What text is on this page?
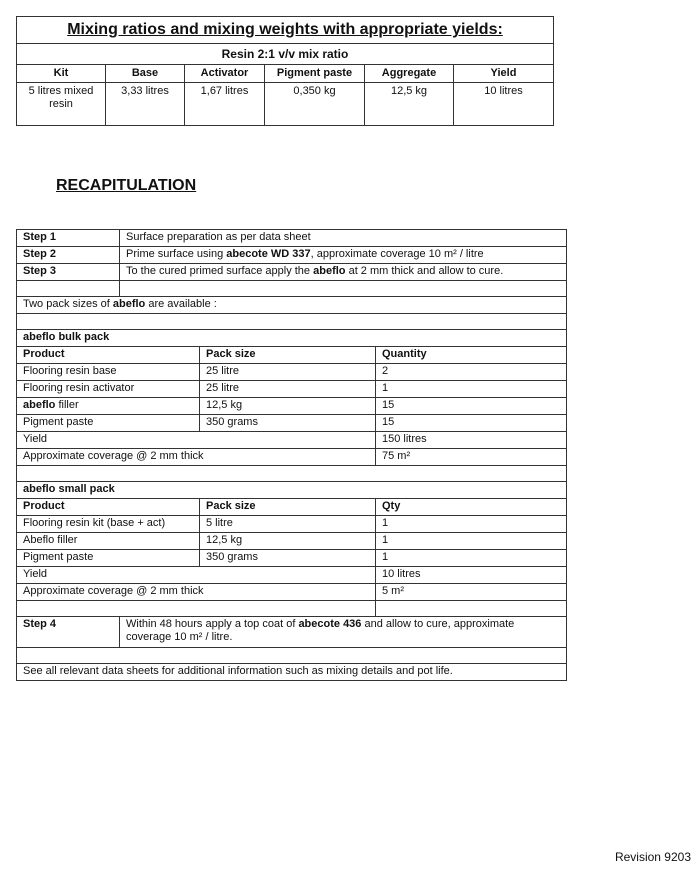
Mixing ratios and mixing weights with appropriate yields:					
Resin 2:1 v/v mix ratio					
Kit	Base	Activator	Pigment paste	Aggregate	Yield
5 litres mixed resin	3,33 litres	1,67 litres	0,350 kg	12,5 kg	10 litres
RECAPITULATION
Step 1	Surface preparation as per data sheet		
Step 2	Prime surface using abecote WD 337, approximate coverage 10 m² / litre		
Step 3	To the cured primed surface apply the abeflo at 2 mm thick and allow to cure.		

Two pack sizes of abeflo are available :			

abeflo bulk pack			
Product		Pack size	Quantity
Flooring resin base		25 litre	2
Flooring resin activator		25 litre	1
abeflo filler		12,5 kg	15
Pigment paste		350 grams	15
Yield			150 litres
Approximate coverage @ 2 mm thick			75 m²

abeflo small pack			
Product		Pack size	Qty
Flooring resin kit (base + act)		5 litre	1
Abeflo filler		12,5 kg	1
Pigment paste		350 grams	1
Yield			10 litres
Approximate coverage @ 2 mm thick			5 m²

Step 4	Within 48 hours apply a top coat of abecote 436 and allow to cure, approximate coverage 10 m² / litre.		

See all relevant data sheets for additional information such as mixing details and pot life.			
Revision 9203
